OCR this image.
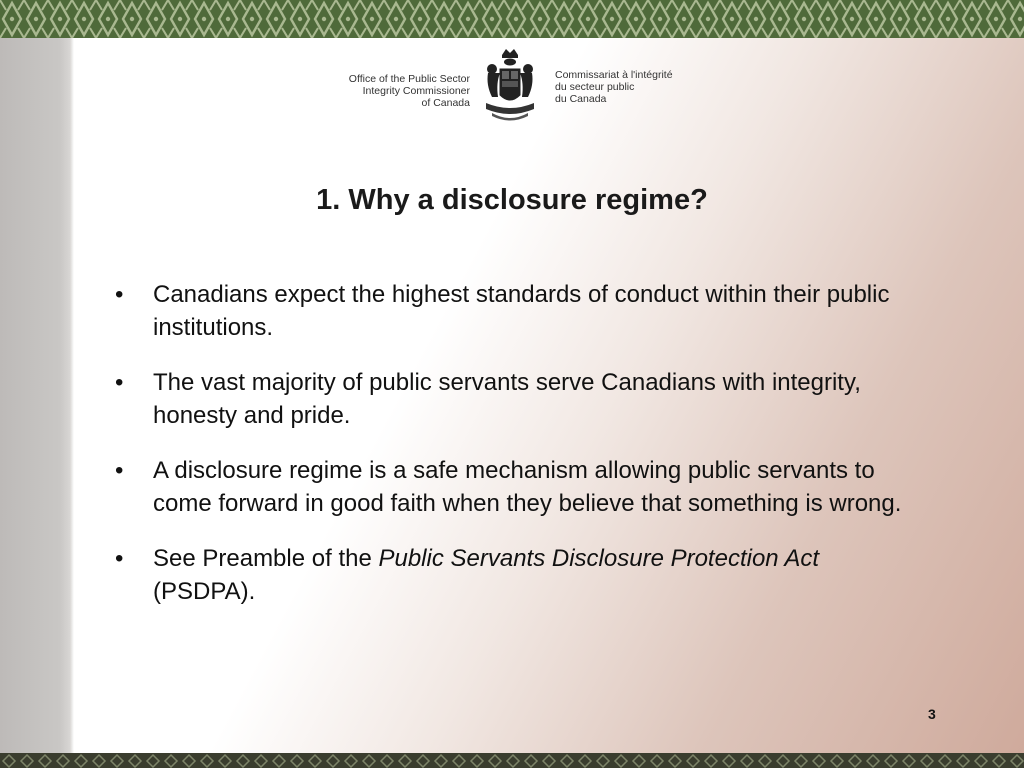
Office of the Public Sector
Integrity Commissioner
of Canada
Commissariat à l'intégrité
du secteur public
du Canada
1. Why a disclosure regime?
• Canadians expect the highest standards of conduct within their public institutions.
• The vast majority of public servants serve Canadians with integrity, honesty and pride.
• A disclosure regime is a safe mechanism allowing public servants to come forward in good faith when they believe that something is wrong.
• See Preamble of the Public Servants Disclosure Protection Act (PSDPA).
3
